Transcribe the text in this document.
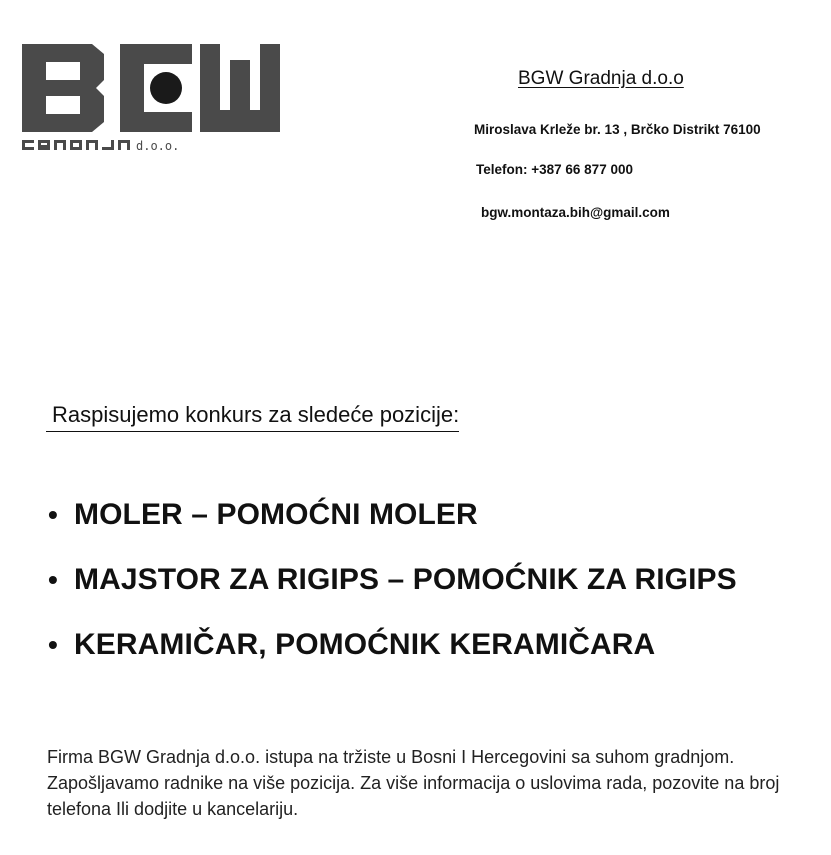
d.o.o.
BGW Gradnja d.o.o
Miroslava Krleže br. 13 , Brčko Distrikt 76100
Telefon: +387 66 877 000
bgw.montaza.bih@gmail.com
Raspisujemo konkurs za sledeće pozicije:
• MOLER – POMOĆNI MOLER
• MAJSTOR ZA RIGIPS – POMOĆNIK ZA RIGIPS
• KERAMIČAR, POMOĆNIK KERAMIČARA
Firma BGW Gradnja d.o.o. istupa na tržiste u Bosni I Hercegovini sa suhom gradnjom. Zapošljavamo radnike na više pozicija. Za više informacija o uslovima rada, pozovite na broj telefona Ili dodjite u kancelariju.
